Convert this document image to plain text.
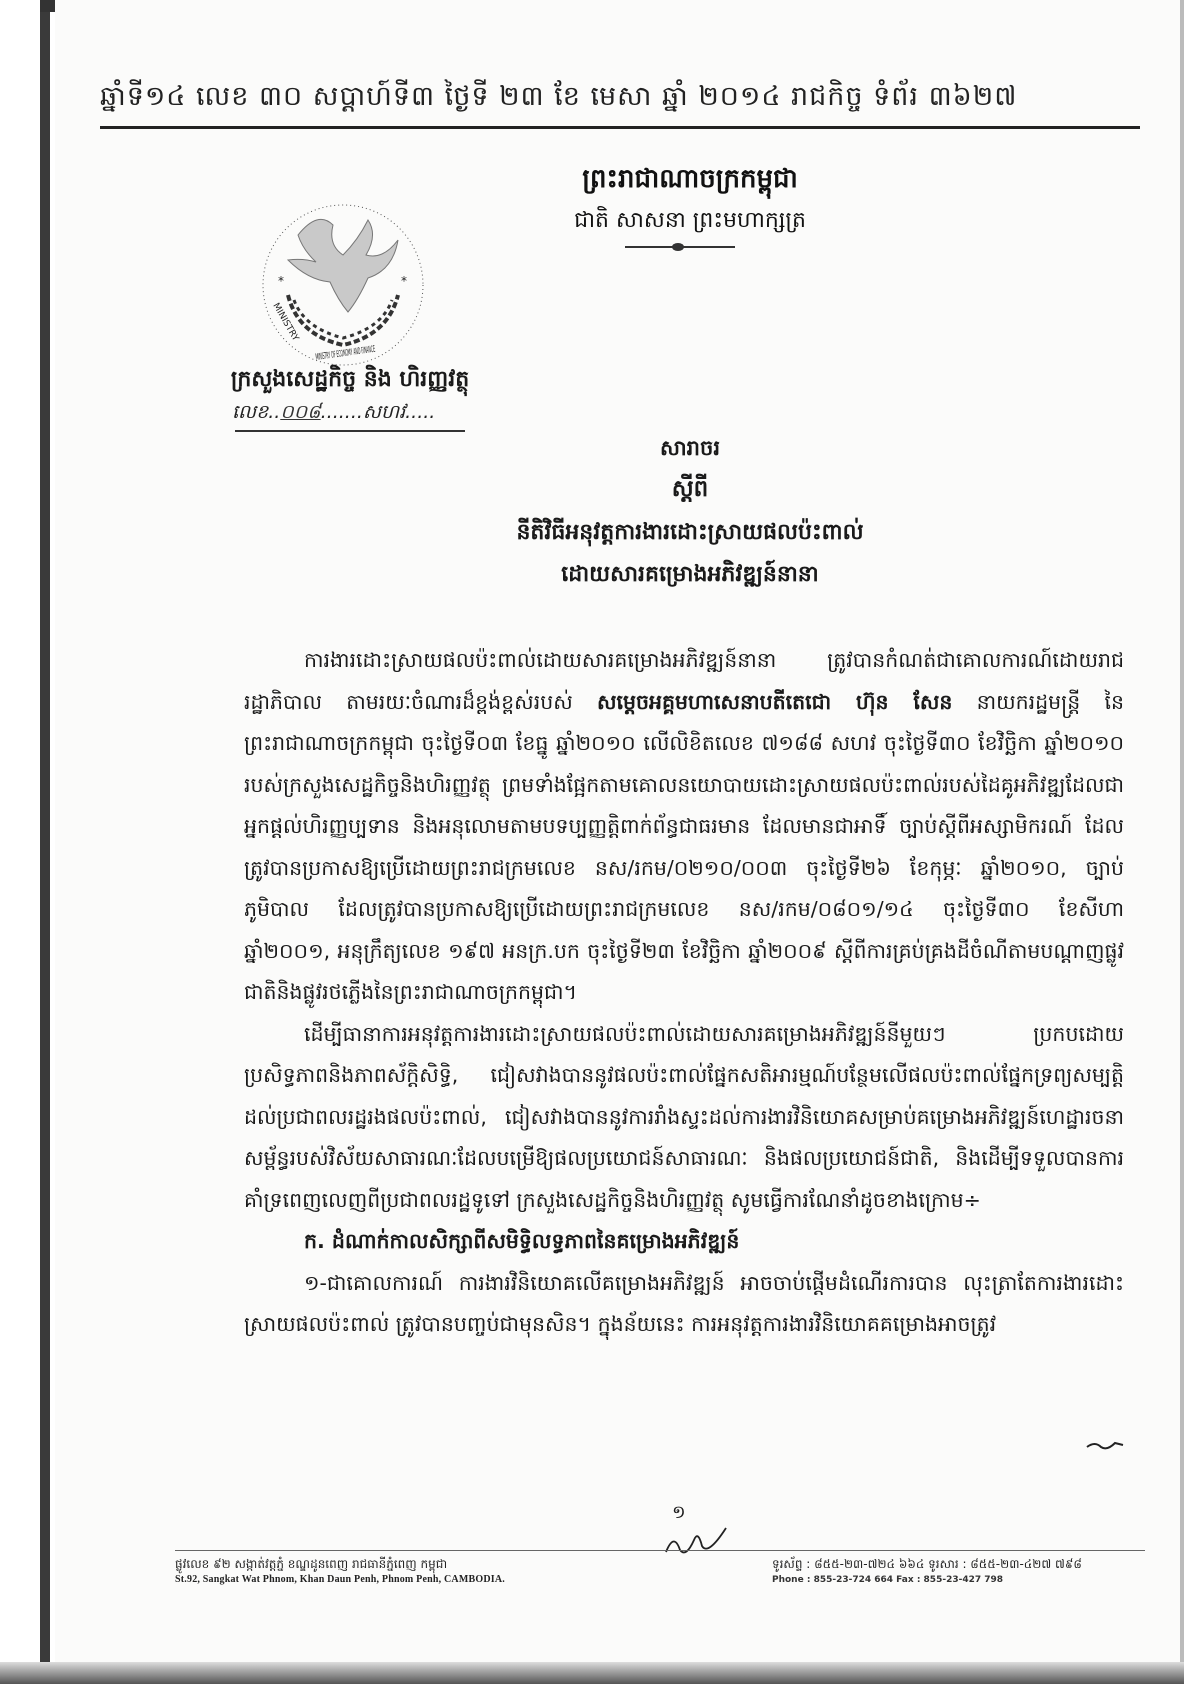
ឆ្នាំទី១៤ លេខ ៣០ សប្ដាហ៍ទី៣ ថ្ងៃទី ២៣ ខែ មេសា ឆ្នាំ ២០១៤ រាជកិច្ច ទំព័រ ៣៦២៧
ព្រះរាជាណាចក្រកម្ពុជា
ជាតិ សាសនា ព្រះមហាក្សត្រ
MINISTRY
MINISTRY OF ECONOMY AND FINANCE
*	*
ក្រសួងសេដ្ឋកិច្ច និង ហិរញ្ញវត្ថុ
លេខ..០០៨.......សហវ.....
សារាចរ
ស្ដីពី
នីតិវិធីអនុវត្តការងារដោះស្រាយផលប៉ះពាល់
ដោយសារគម្រោងអភិវឌ្ឍន៍នានា

ការងារដោះស្រាយផលប៉ះពាល់ដោយសារគម្រោងអភិវឌ្ឍន៍នានា ត្រូវបានកំណត់ជាគោលការណ៍ដោយរាជរដ្ឋាភិបាល តាមរយៈចំណារដ៏ខ្ពង់ខ្ពស់របស់ សម្ដេចអគ្គមហាសេនាបតីតេជោ ហ៊ុន សែន នាយករដ្ឋមន្ត្រី នៃព្រះរាជាណាចក្រកម្ពុជា ចុះថ្ងៃទី០៣ ខែធ្នូ ឆ្នាំ២០១០ លើលិខិតលេខ ៧១៨៨ សហវ ចុះថ្ងៃទី៣០ ខែវិច្ឆិកា ឆ្នាំ២០១០ របស់ក្រសួងសេដ្ឋកិច្ចនិងហិរញ្ញវត្ថុ ព្រមទាំងផ្អែកតាមគោលនយោបាយដោះស្រាយផលប៉ះពាល់របស់ដៃគូអភិវឌ្ឍដែលជាអ្នកផ្ដល់ហិរញ្ញប្បទាន និងអនុលោមតាមបទប្បញ្ញត្តិពាក់ព័ន្ធជាធរមាន ដែលមានជាអាទិ៍ ច្បាប់ស្ដីពីអស្សាមិករណ៍ ដែលត្រូវបានប្រកាសឱ្យប្រើដោយព្រះរាជក្រមលេខ នស/រកម/០២១០/០០៣ ចុះថ្ងៃទី២៦ ខែកុម្ភៈ ឆ្នាំ២០១០, ច្បាប់ភូមិបាល ដែលត្រូវបានប្រកាសឱ្យប្រើដោយព្រះរាជក្រមលេខ នស/រកម/០៨០១/១៤ ចុះថ្ងៃទី៣០ ខែសីហា ឆ្នាំ២០០១, អនុក្រឹត្យលេខ ១៩៧ អនក្រ.បក ចុះថ្ងៃទី២៣ ខែវិច្ឆិកា ឆ្នាំ២០០៩ ស្ដីពីការគ្រប់គ្រងដីចំណីតាមបណ្ដាញផ្លូវជាតិនិងផ្លូវរថភ្លើងនៃព្រះរាជាណាចក្រកម្ពុជា។

ដើម្បីធានាការអនុវត្តការងារដោះស្រាយផលប៉ះពាល់ដោយសារគម្រោងអភិវឌ្ឍន៍នីមួយៗ ប្រកបដោយប្រសិទ្ធភាពនិងភាពស័ក្ដិសិទ្ធិ, ជៀសវាងបាននូវផលប៉ះពាល់ផ្នែកសតិអារម្មណ៍បន្ថែមលើផលប៉ះពាល់ផ្នែកទ្រព្យសម្បត្តិ ដល់ប្រជាពលរដ្ឋរងផលប៉ះពាល់, ជៀសវាងបាននូវការរាំងស្ទះដល់ការងារវិនិយោគសម្រាប់គម្រោងអភិវឌ្ឍន៍ហេដ្ឋារចនាសម្ព័ន្ធរបស់វិស័យសាធារណៈដែលបម្រើឱ្យផលប្រយោជន៍សាធារណៈ និងផលប្រយោជន៍ជាតិ, និងដើម្បីទទួលបានការគាំទ្រពេញលេញពីប្រជាពលរដ្ឋទូទៅ ក្រសួងសេដ្ឋកិច្ចនិងហិរញ្ញវត្ថុ សូមធ្វើការណែនាំដូចខាងក្រោម÷

ក. ដំណាក់កាលសិក្សាពីសមិទ្ធិលទ្ធភាពនៃគម្រោងអភិវឌ្ឍន៍

១-ជាគោលការណ៍ ការងារវិនិយោគលើគម្រោងអភិវឌ្ឍន៍ អាចចាប់ផ្ដើមដំណើរការបាន លុះត្រាតែការងារដោះស្រាយផលប៉ះពាល់ ត្រូវបានបញ្ចប់ជាមុនសិន។ ក្នុងន័យនេះ ការអនុវត្តការងារវិនិយោគគម្រោងអាចត្រូវ

១
ផ្លូវលេខ ៩២ សង្កាត់វត្តភ្នំ ខណ្ឌដូនពេញ រាជធានីភ្នំពេញ កម្ពុជា
St.92, Sangkat Wat Phnom, Khan Daun Penh, Phnom Penh, CAMBODIA.
ទូរស័ព្ទ : ៨៥៥-២៣-៧២៤ ៦៦៤ ទូរសារ : ៨៥៥-២៣-៤២៧ ៧៩៨
Phone : 855-23-724 664 Fax : 855-23-427 798
